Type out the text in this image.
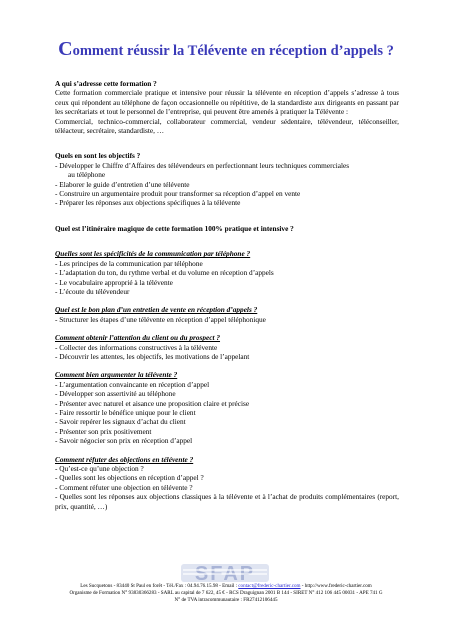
Comment réussir la Télévente en réception d’appels ?

A qui s’adresse cette formation ?

Cette formation commerciale pratique et intensive pour réussir la télévente en réception d’appels s’adresse à tous ceux qui répondent au téléphone de façon occasionnelle ou répétitive, de la standardiste aux dirigeants en passant par les secrétariats et tout le personnel de l’entreprise, qui peuvent être amenés à pratiquer la Télévente :

Commercial, technico-commercial, collaborateur commercial, vendeur sédentaire, télévendeur, téléconseiller, téléacteur, secrétaire, standardiste, …

Quels en sont les objectifs ?

- Développer le Chiffre d’Affaires des télévendeurs en perfectionnant leurs techniques commerciales

au téléphone

- Elaborer le guide d’entretien d’une télévente

- Construire un argumentaire produit pour transformer sa réception d’appel en vente

- Préparer les réponses aux objections spécifiques à la télévente

Quel est l’itinéraire magique de cette formation 100% pratique et intensive ?

Quelles sont les spécificités de la communication par téléphone ?

- Les principes de la communication par téléphone

- L’adaptation du ton, du rythme verbal et du volume en réception d’appels

- Le vocabulaire approprié à la télévente

- L’écoute du télévendeur

Quel est le bon plan d’un entretien de vente en réception d’appels ?

- Structurer les étapes d’une télévente en réception d’appel téléphonique

Comment obtenir l’attention du client ou du prospect ?

- Collecter des informations constructives à la télévente

- Découvrir les attentes, les objectifs, les motivations de l’appelant

Comment bien argumenter la télévente ?

- L’argumentation convaincante en réception d’appel

- Développer son assertivité au téléphone

- Présenter avec naturel et aisance une proposition claire et précise

- Faire ressortir le bénéfice unique pour le client

- Savoir repérer les signaux d’achat du client

- Présenter son prix positivement

- Savoir négocier son prix en réception d’appel

Comment réfuter des objections en télévente ?

- Qu’est-ce qu’une objection ?

- Quelles sont les objections en réception d’appel ?

- Comment réfuter une objection en télévente ?

- Quelles sont les réponses aux objections classiques à la télévente et à l’achat de produits complémentaires (report, prix, quantité, …)

SFAP
Les Sucquetons - 83440 St Paul en forêt - Tél./Fax : 04.94.76.15.98 - Email : contact@frederic-chartier.com - http://www.frederic-chartier.com
Organisme de Formation N° 93830366283 - SARL au capital de 7 622, 45 € - RCS Draguignan 2001 B 144 - SIRET N° 412 106 445 00031 - APE 741 G
N° de TVA intracommunautaire : FR27412106445
